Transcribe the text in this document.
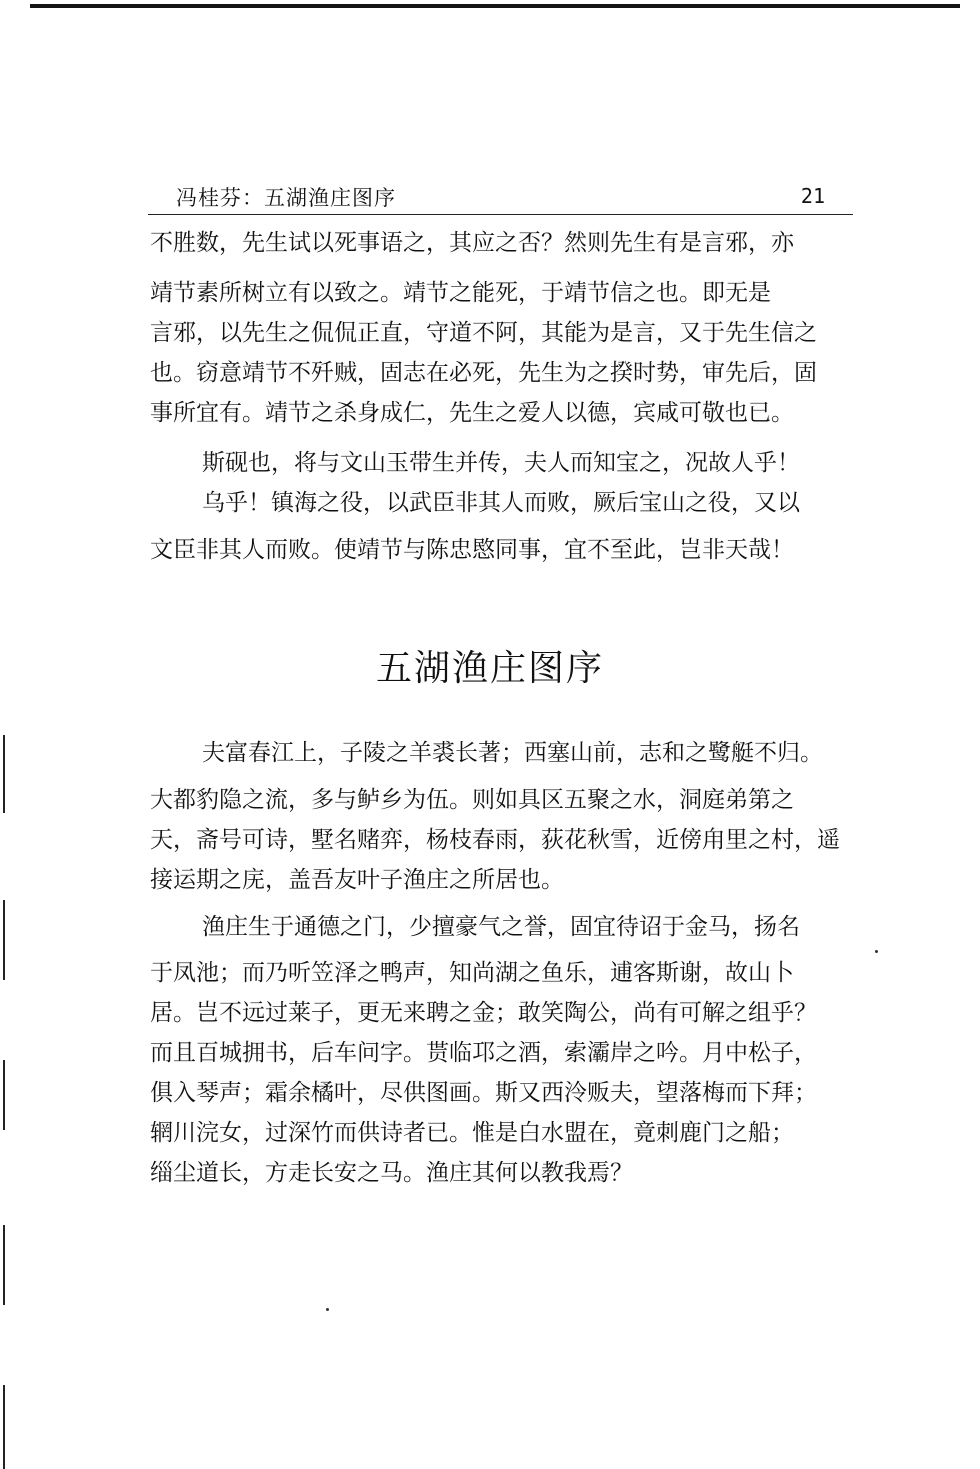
冯桂芬：五湖渔庄图序	21
不胜数，先生试以死事语之，其应之否？然则先生有是言邪，亦
靖节素所树立有以致之。靖节之能死，于靖节信之也。即无是
言邪，以先生之侃侃正直，守道不阿，其能为是言，又于先生信之
也。窃意靖节不歼贼，固志在必死，先生为之揆时势，审先后，固
事所宜有。靖节之杀身成仁，先生之爱人以德，宾咸可敬也已。
斯砚也，将与文山玉带生并传，夫人而知宝之，况故人乎！
乌乎！镇海之役，以武臣非其人而败，厥后宝山之役，又以
文臣非其人而败。使靖节与陈忠愍同事，宜不至此，岂非天哉！
五湖渔庄图序
夫富春江上，子陵之羊裘长著；西塞山前，志和之鹭艇不归。
大都豹隐之流，多与鲈乡为伍。则如具区五聚之水，洞庭弟第之
天，斋号可诗，墅名赌弈，杨枝春雨，荻花秋雪，近傍甪里之村，遥
接运期之庑，盖吾友叶子渔庄之所居也。
渔庄生于通德之门，少擅豪气之誉，固宜待诏于金马，扬名
于凤池；而乃听笠泽之鸭声，知尚湖之鱼乐，逋客斯谢，故山卜
居。岂不远过莱子，更无来聘之金；敢笑陶公，尚有可解之组乎？
而且百城拥书，后车问字。贳临邛之酒，索灞岸之吟。月中松子，
俱入琴声；霜余橘叶，尽供图画。斯又西泠贩夫，望落梅而下拜；
辋川浣女，过深竹而供诗者已。惟是白水盟在，竟刺鹿门之船；
缁尘道长，方走长安之马。渔庄其何以教我焉？
